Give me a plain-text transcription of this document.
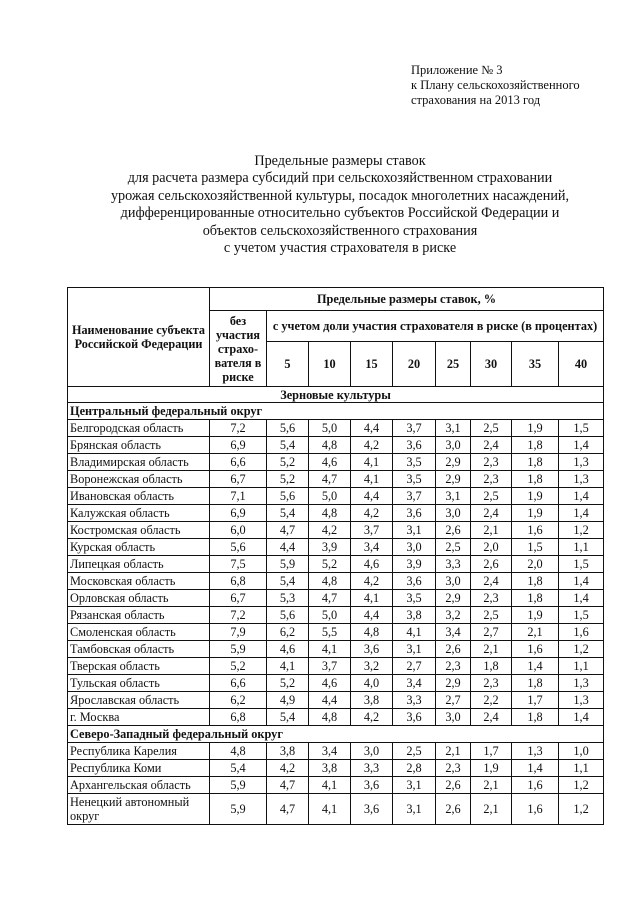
Приложение № 3
к Плану сельскохозяйственного
страхования на 2013 год
Предельные размеры ставок
для расчета размера субсидий при сельскохозяйственном страховании
урожая сельскохозяйственной культуры, посадок многолетних насаждений,
дифференцированные относительно субъектов Российской Федерации и
объектов сельскохозяйственного страхования
с учетом участия страхователя в риске
Наименование субъекта Российской Федерации	Предельные размеры ставок, %								
	без участия страхо-вателя в риске	с учетом доли участия страхователя в риске (в процентах)							
		5	10	15	20	25	30	35	40
Зерновые культуры									
Центральный федеральный округ									
Белгородская область	7,2	5,6	5,0	4,4	3,7	3,1	2,5	1,9	1,5
Брянская область	6,9	5,4	4,8	4,2	3,6	3,0	2,4	1,8	1,4
Владимирская область	6,6	5,2	4,6	4,1	3,5	2,9	2,3	1,8	1,3
Воронежская область	6,7	5,2	4,7	4,1	3,5	2,9	2,3	1,8	1,3
Ивановская область	7,1	5,6	5,0	4,4	3,7	3,1	2,5	1,9	1,4
Калужская область	6,9	5,4	4,8	4,2	3,6	3,0	2,4	1,9	1,4
Костромская область	6,0	4,7	4,2	3,7	3,1	2,6	2,1	1,6	1,2
Курская область	5,6	4,4	3,9	3,4	3,0	2,5	2,0	1,5	1,1
Липецкая область	7,5	5,9	5,2	4,6	3,9	3,3	2,6	2,0	1,5
Московская область	6,8	5,4	4,8	4,2	3,6	3,0	2,4	1,8	1,4
Орловская область	6,7	5,3	4,7	4,1	3,5	2,9	2,3	1,8	1,4
Рязанская область	7,2	5,6	5,0	4,4	3,8	3,2	2,5	1,9	1,5
Смоленская область	7,9	6,2	5,5	4,8	4,1	3,4	2,7	2,1	1,6
Тамбовская область	5,9	4,6	4,1	3,6	3,1	2,6	2,1	1,6	1,2
Тверская область	5,2	4,1	3,7	3,2	2,7	2,3	1,8	1,4	1,1
Тульская область	6,6	5,2	4,6	4,0	3,4	2,9	2,3	1,8	1,3
Ярославская область	6,2	4,9	4,4	3,8	3,3	2,7	2,2	1,7	1,3
г. Москва	6,8	5,4	4,8	4,2	3,6	3,0	2,4	1,8	1,4
Северо-Западный федеральный округ									
Республика Карелия	4,8	3,8	3,4	3,0	2,5	2,1	1,7	1,3	1,0
Республика Коми	5,4	4,2	3,8	3,3	2,8	2,3	1,9	1,4	1,1
Архангельская область	5,9	4,7	4,1	3,6	3,1	2,6	2,1	1,6	1,2
Ненецкий автономный округ	5,9	4,7	4,1	3,6	3,1	2,6	2,1	1,6	1,2
